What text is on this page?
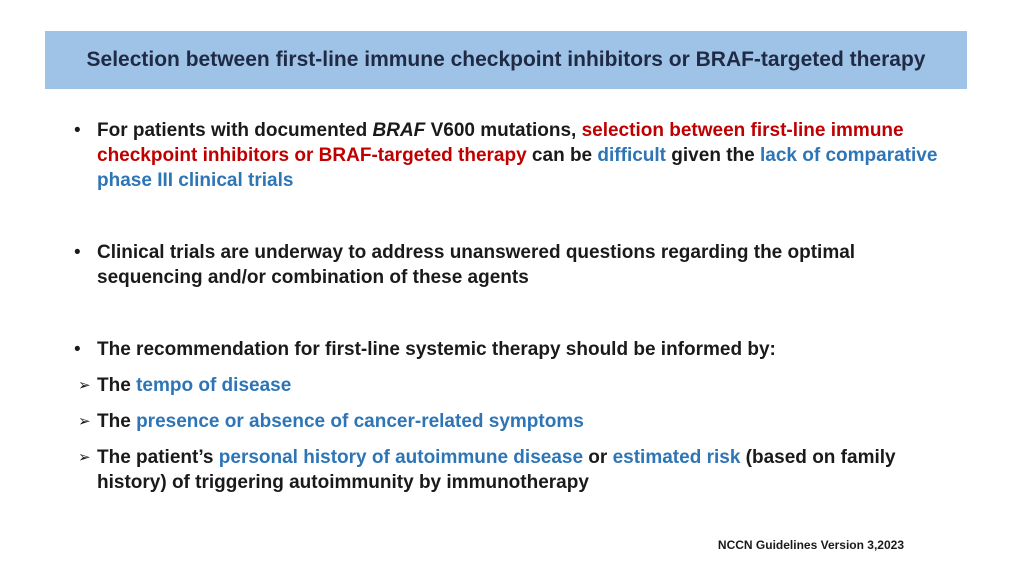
Selection between first-line immune checkpoint inhibitors or BRAF-targeted therapy
• For patients with documented BRAF V600 mutations, selection between first-line immune checkpoint inhibitors or BRAF-targeted therapy can be difficult given the lack of comparative phase III clinical trials
• Clinical trials are underway to address unanswered questions regarding the optimal sequencing and/or combination of these agents
• The recommendation for first-line systemic therapy should be informed by:
➢ The tempo of disease
➢ The presence or absence of cancer-related symptoms
➢ The patient’s personal history of autoimmune disease or estimated risk (based on family history) of triggering autoimmunity by immunotherapy
NCCN Guidelines Version 3,2023
